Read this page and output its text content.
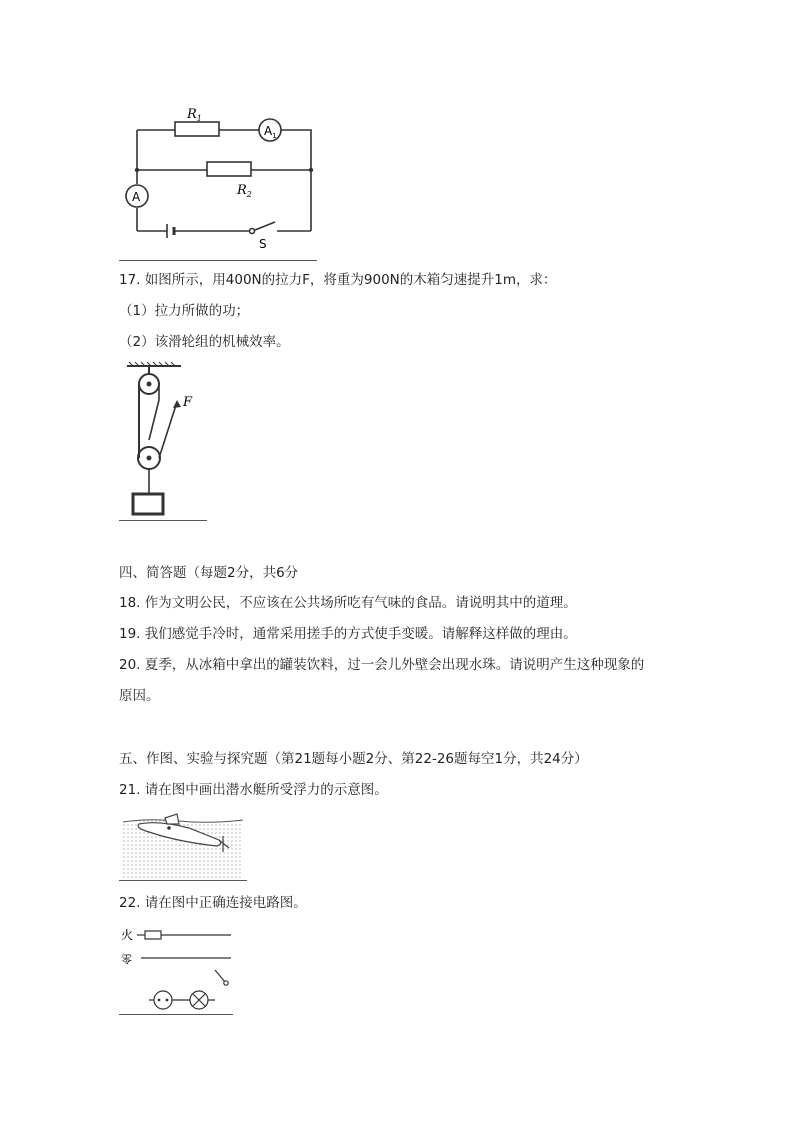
$R_1$
$R_2$
$A_1$
A
S
17. 如图所示，用400N的拉力F，将重为900N的木箱匀速提升1m，求：
（1）拉力所做的功；
（2）该滑轮组的机械效率。
F
四、简答题（每题2分，共6分
18. 作为文明公民，不应该在公共场所吃有气味的食品。请说明其中的道理。
19. 我们感觉手冷时，通常采用搓手的方式使手变暖。请解释这样做的理由。
20. 夏季，从冰箱中拿出的罐装饮料，过一会儿外壁会出现水珠。请说明产生这种现象的
原因。
五、作图、实验与探究题（第21题每小题2分、第22-26题每空1分，共24分）
21. 请在图中画出潜水艇所受浮力的示意图。
22. 请在图中正确连接电路图。
火
零
